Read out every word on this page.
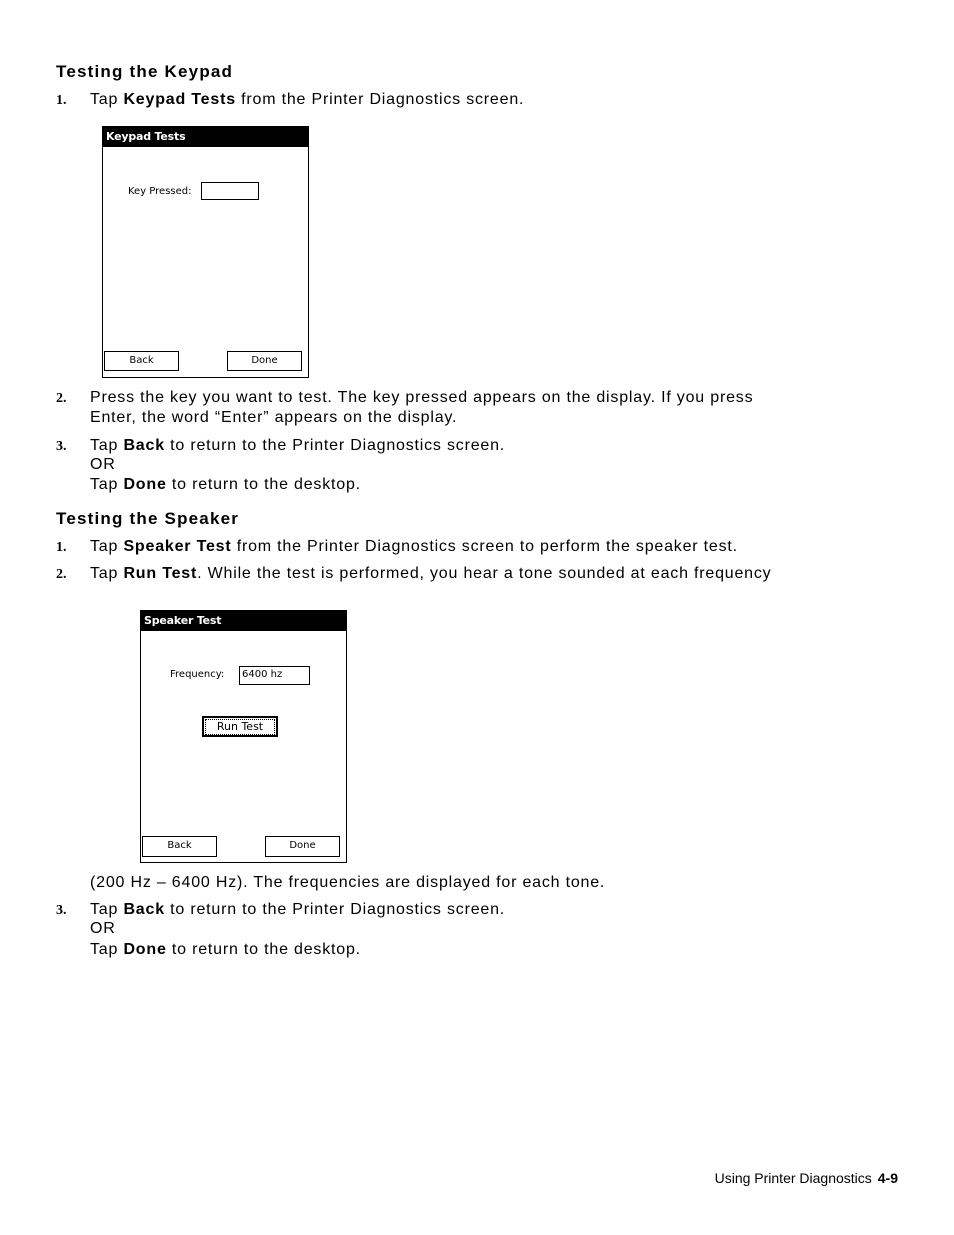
Testing the Keypad
1. Tap Keypad Tests from the Printer Diagnostics screen.
Keypad Tests
Key Pressed:
Back	Done
2. Press the key you want to test. The key pressed appears on the display. If you press
Enter, the word “Enter” appears on the display.
3. Tap Back to return to the Printer Diagnostics screen.
OR
Tap Done to return to the desktop.
Testing the Speaker
1. Tap Speaker Test from the Printer Diagnostics screen to perform the speaker test.
2. Tap Run Test. While the test is performed, you hear a tone sounded at each frequency
Speaker Test
Frequency:	6400 hz
Run Test
Back	Done
(200 Hz – 6400 Hz). The frequencies are displayed for each tone.
3. Tap Back to return to the Printer Diagnostics screen.
OR
Tap Done to return to the desktop.
Using Printer Diagnostics 4-9
